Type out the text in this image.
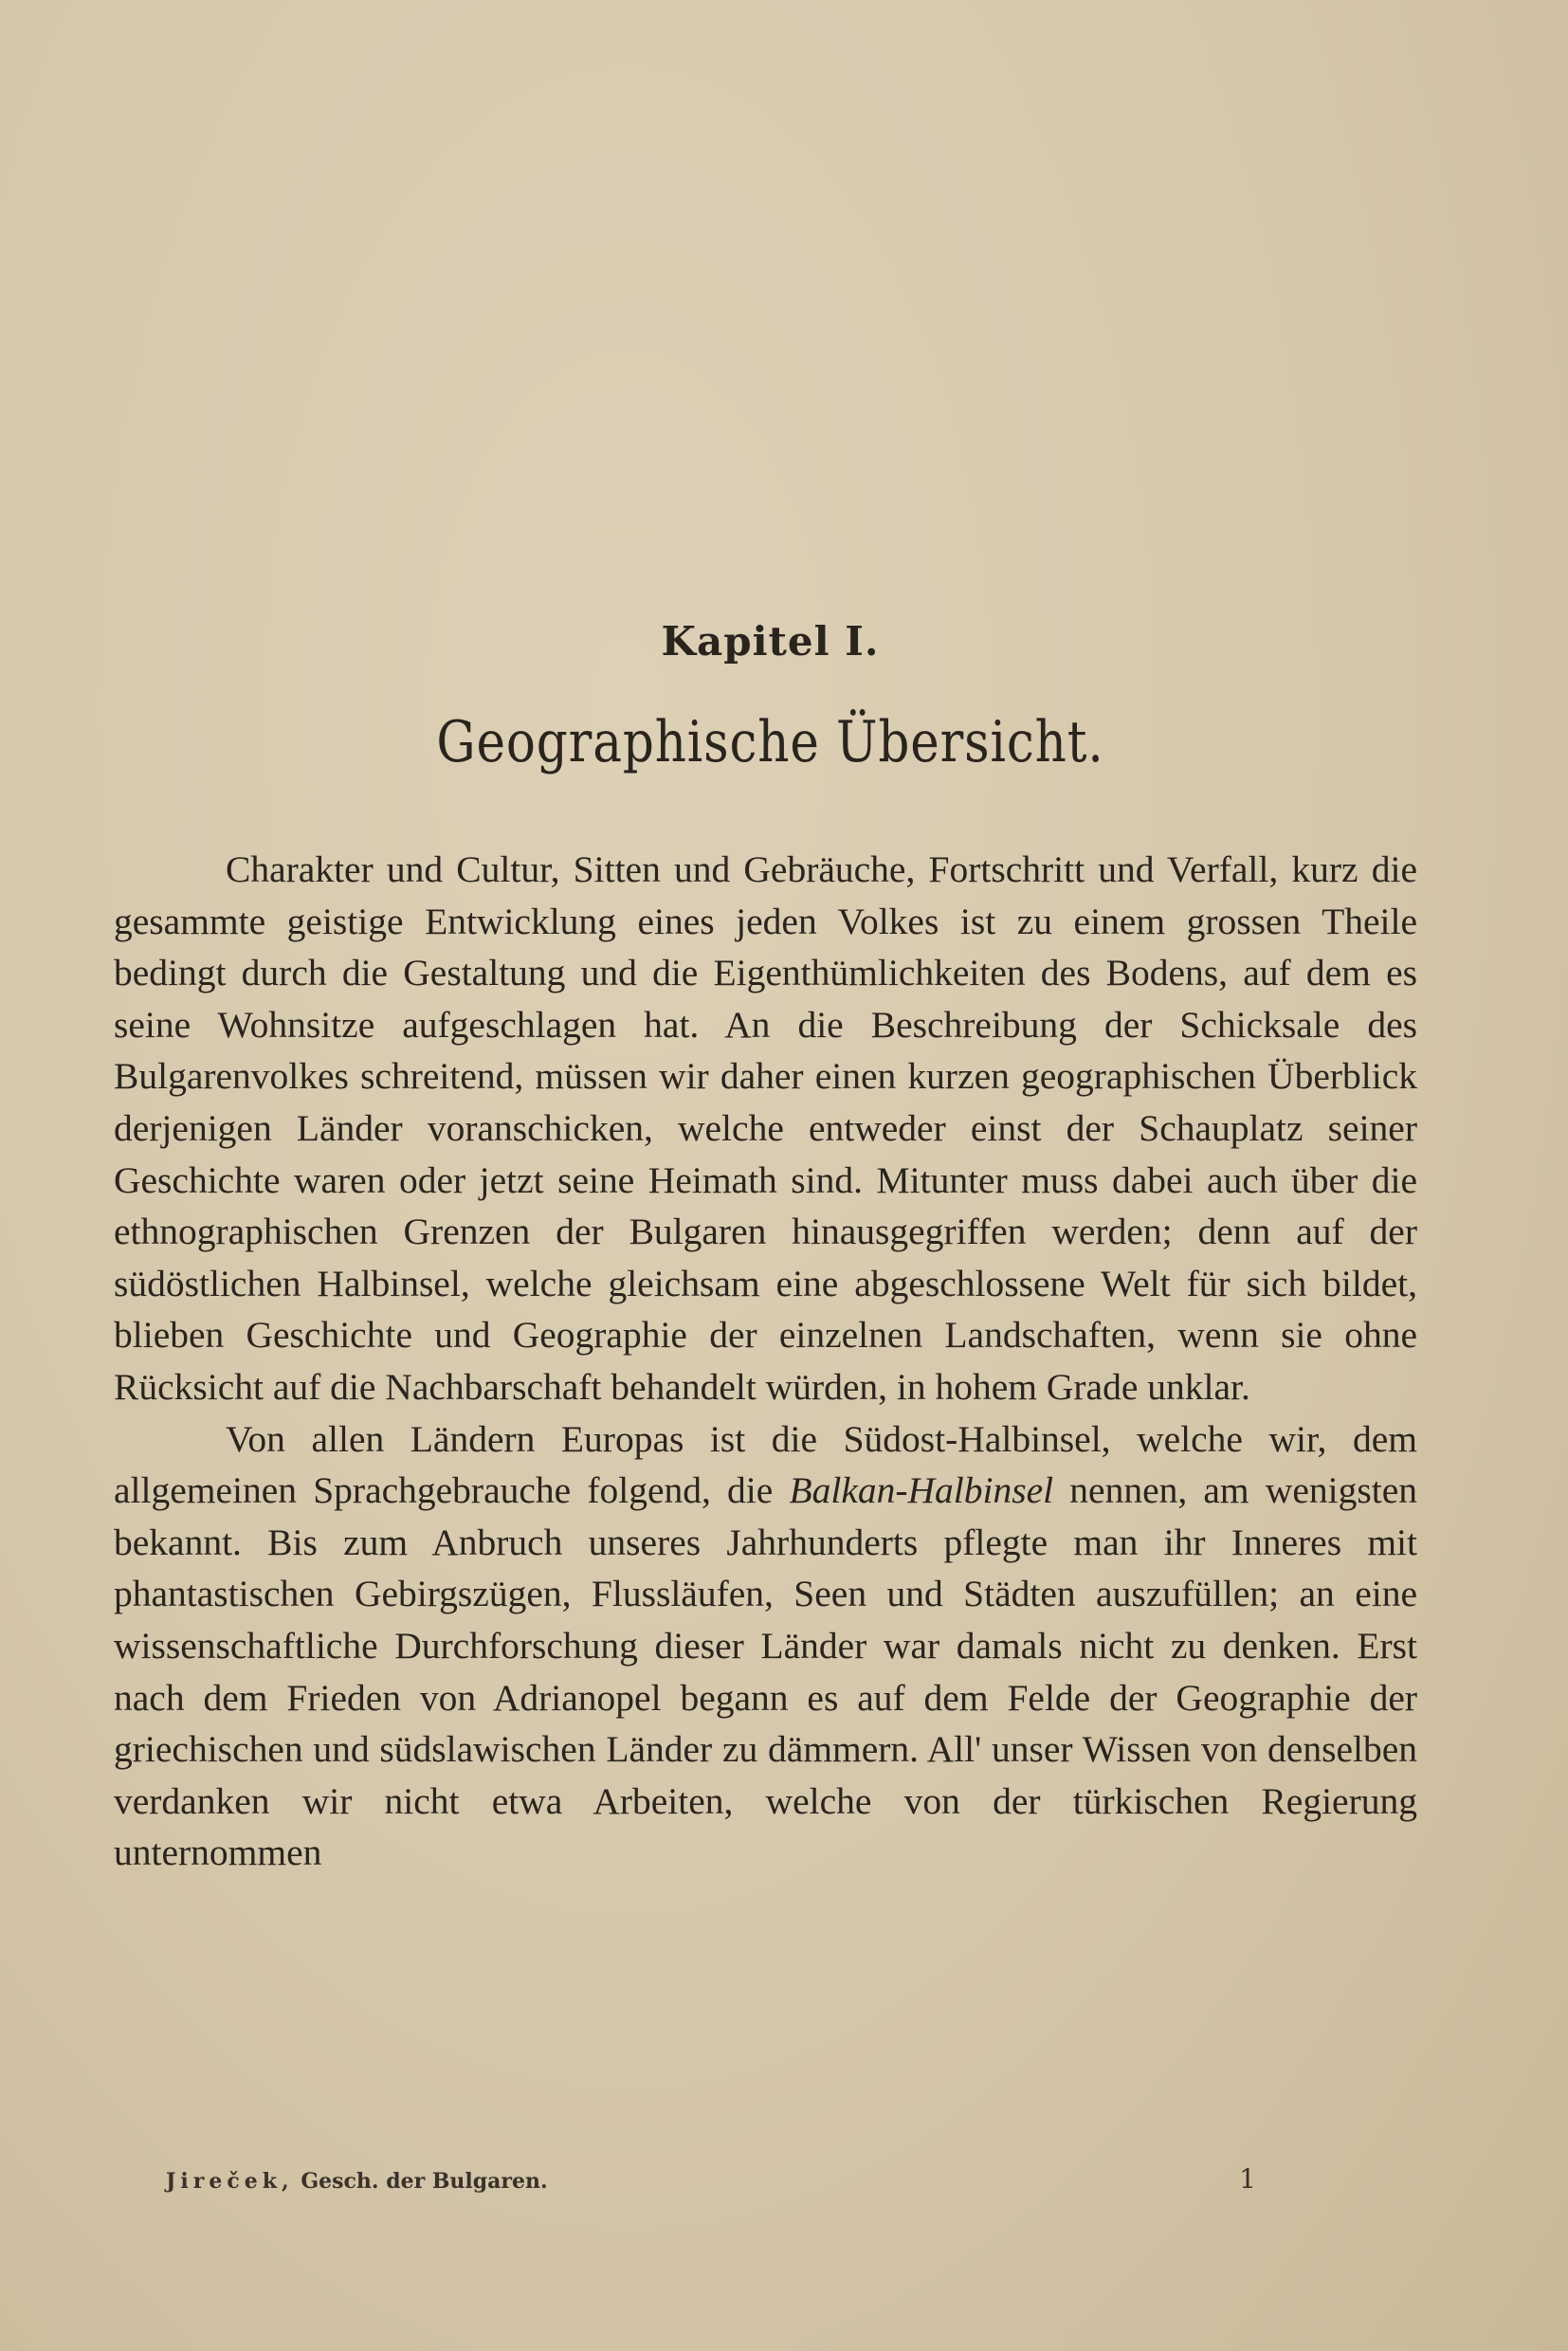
Kapitel I.
Geographische Übersicht.

Charakter und Cultur, Sitten und Gebräuche, Fortschritt und Verfall, kurz die gesammte geistige Entwicklung eines jeden Volkes ist zu einem grossen Theile bedingt durch die Gestaltung und die Eigenthümlichkeiten des Bodens, auf dem es seine Wohnsitze aufgeschlagen hat. An die Beschreibung der Schicksale des Bulgarenvolkes schreitend, müssen wir daher einen kurzen geographischen Überblick derjenigen Länder voranschicken, welche entweder einst der Schauplatz seiner Geschichte waren oder jetzt seine Heimath sind. Mitunter muss dabei auch über die ethnographischen Grenzen der Bulgaren hinausgegriffen werden; denn auf der südöstlichen Halbinsel, welche gleichsam eine abgeschlossene Welt für sich bildet, blieben Geschichte und Geographie der einzelnen Landschaften, wenn sie ohne Rücksicht auf die Nachbarschaft behandelt würden, in hohem Grade unklar.

Von allen Ländern Europas ist die Südost-Halbinsel, welche wir, dem allgemeinen Sprachgebrauche folgend, die Balkan-Halbinsel nennen, am wenigsten bekannt. Bis zum Anbruch unseres Jahrhunderts pflegte man ihr Inneres mit phantastischen Gebirgszügen, Flussläufen, Seen und Städten auszufüllen; an eine wissenschaftliche Durchforschung dieser Länder war damals nicht zu denken. Erst nach dem Frieden von Adrianopel begann es auf dem Felde der Geographie der griechischen und südslawischen Länder zu dämmern. All' unser Wissen von denselben verdanken wir nicht etwa Arbeiten, welche von der türkischen Regierung unternommen

Jireček, Gesch. der Bulgaren.	1
